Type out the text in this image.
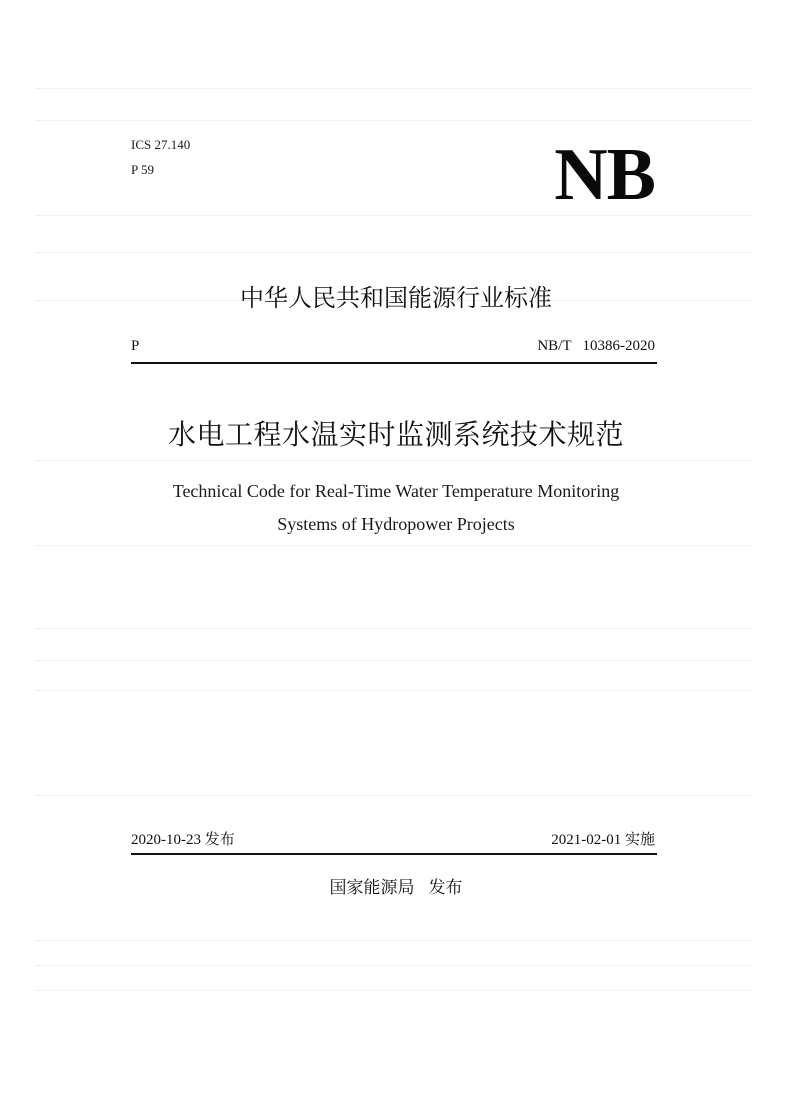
ICS 27.140
P 59	NB
中华人民共和国能源行业标准
P	NB/T   10386-2020
水电工程水温实时监测系统技术规范
Technical Code for Real-Time Water Temperature Monitoring
Systems of Hydropower Projects
2020-10-23 发布	2021-02-01 实施
国家能源局 发布
